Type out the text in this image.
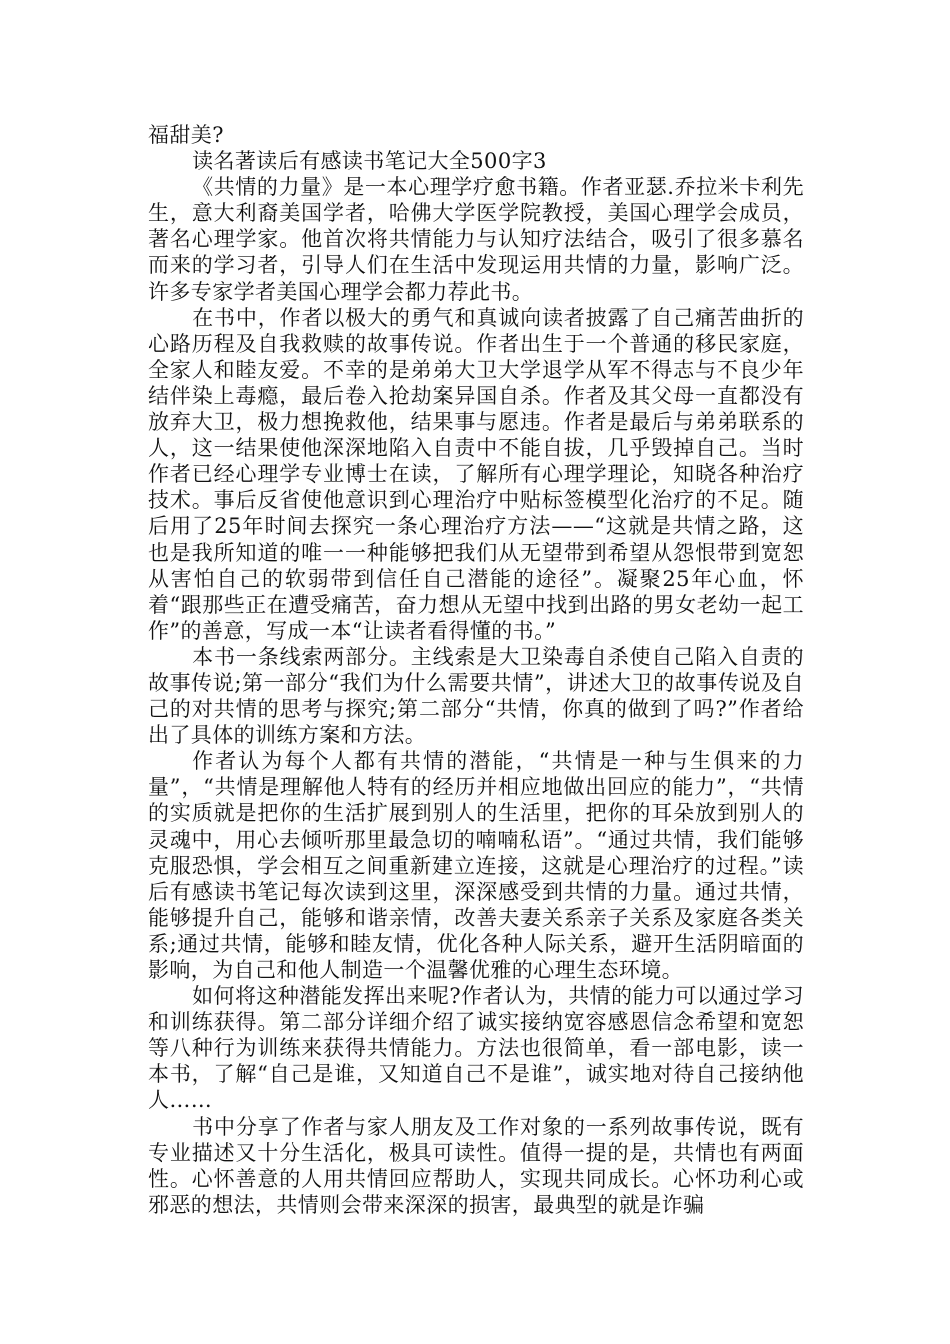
福甜美?

读名著读后有感读书笔记大全500字3

《共情的力量》是一本心理学疗愈书籍。作者亚瑟.乔拉米卡利先生，意大利裔美国学者，哈佛大学医学院教授，美国心理学会成员，著名心理学家。他首次将共情能力与认知疗法结合，吸引了很多慕名而来的学习者，引导人们在生活中发现运用共情的力量，影响广泛。许多专家学者美国心理学会都力荐此书。

在书中，作者以极大的勇气和真诚向读者披露了自己痛苦曲折的心路历程及自我救赎的故事传说。作者出生于一个普通的移民家庭，全家人和睦友爱。不幸的是弟弟大卫大学退学从军不得志与不良少年结伴染上毒瘾，最后卷入抢劫案异国自杀。作者及其父母一直都没有放弃大卫，极力想挽救他，结果事与愿违。作者是最后与弟弟联系的人，这一结果使他深深地陷入自责中不能自拔，几乎毁掉自己。当时作者已经心理学专业博士在读，了解所有心理学理论，知晓各种治疗技术。事后反省使他意识到心理治疗中贴标签模型化治疗的不足。随后用了25年时间去探究一条心理治疗方法——“这就是共情之路，这也是我所知道的唯一一种能够把我们从无望带到希望从怨恨带到宽恕从害怕自己的软弱带到信任自己潜能的途径”。凝聚25年心血，怀着“跟那些正在遭受痛苦，奋力想从无望中找到出路的男女老幼一起工作”的善意，写成一本“让读者看得懂的书。”

本书一条线索两部分。主线索是大卫染毒自杀使自己陷入自责的故事传说;第一部分“我们为什么需要共情”，讲述大卫的故事传说及自己的对共情的思考与探究;第二部分“共情，你真的做到了吗?”作者给出了具体的训练方案和方法。

作者认为每个人都有共情的潜能，“共情是一种与生俱来的力量”，“共情是理解他人特有的经历并相应地做出回应的能力”，“共情的实质就是把你的生活扩展到别人的生活里，把你的耳朵放到别人的灵魂中，用心去倾听那里最急切的喃喃私语”。“通过共情，我们能够克服恐惧，学会相互之间重新建立连接，这就是心理治疗的过程。”读后有感读书笔记每次读到这里，深深感受到共情的力量。通过共情，能够提升自己，能够和谐亲情，改善夫妻关系亲子关系及家庭各类关系;通过共情，能够和睦友情，优化各种人际关系，避开生活阴暗面的影响，为自己和他人制造一个温馨优雅的心理生态环境。

如何将这种潜能发挥出来呢?作者认为，共情的能力可以通过学习和训练获得。第二部分详细介绍了诚实接纳宽容感恩信念希望和宽恕等八种行为训练来获得共情能力。方法也很简单，看一部电影，读一本书，了解“自己是谁，又知道自己不是谁”，诚实地对待自己接纳他人……

书中分享了作者与家人朋友及工作对象的一系列故事传说，既有专业描述又十分生活化，极具可读性。值得一提的是，共情也有两面性。心怀善意的人用共情回应帮助人，实现共同成长。心怀功利心或邪恶的想法，共情则会带来深深的损害，最典型的就是诈骗
